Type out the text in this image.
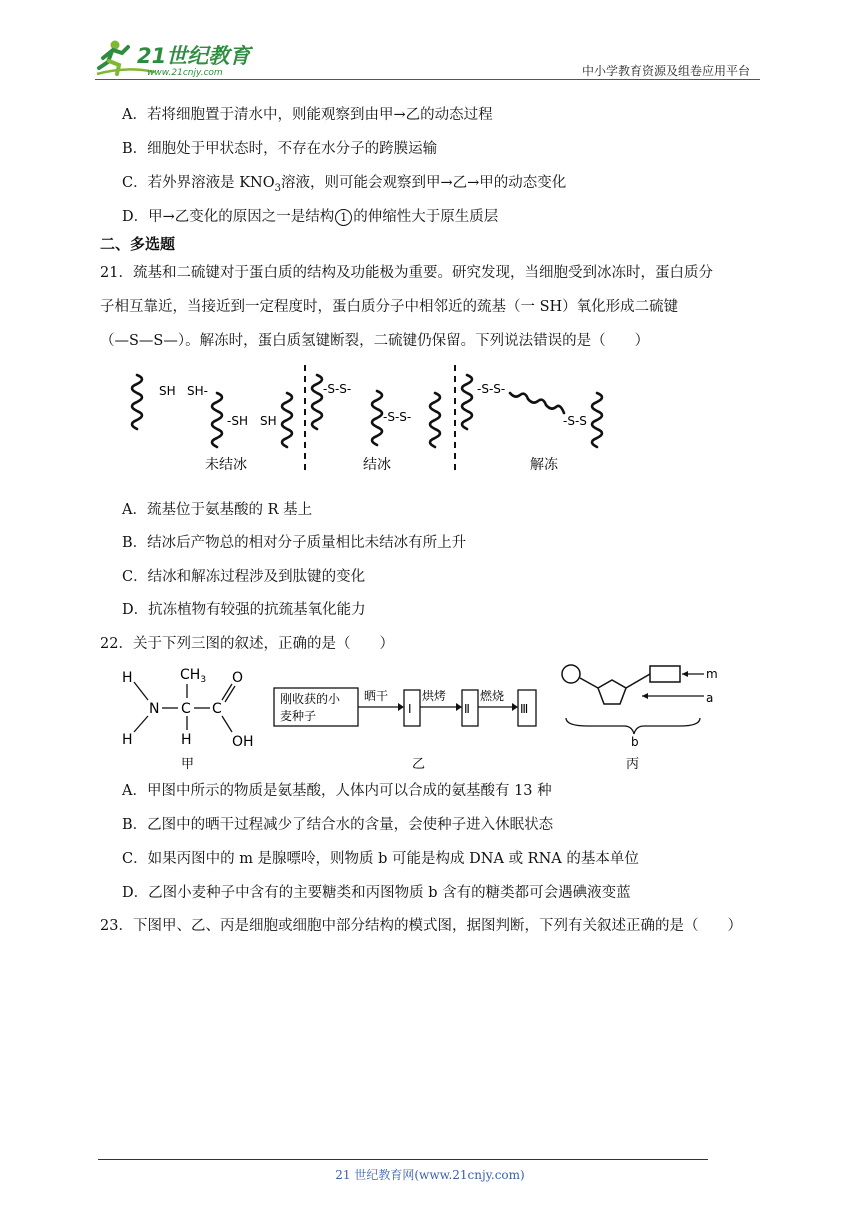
21世纪教育
www.21cnjy.com	中小学教育资源及组卷应用平台
A．若将细胞置于清水中，则能观察到由甲→乙的动态过程
B．细胞处于甲状态时，不存在水分子的跨膜运输
C．若外界溶液是 $KNO_3$溶液，则可能会观察到甲→乙→甲的动态变化
D．甲→乙变化的原因之一是结构 1 的伸缩性大于原生质层
二、多选题
21．巯基和二硫键对于蛋白质的结构及功能极为重要。研究发现，当细胞受到冰冻时，蛋白质分
子相互靠近，当接近到一定程度时，蛋白质分子中相邻近的巯基（一 SH）氧化形成二硫键
（—S—S—）。解冻时，蛋白质氢键断裂，二硫键仍保留。下列说法错误的是（　　）
SH SH-
-SH SH
-S-S-
-S-S-
-S-S-
-S-S
未结冰	结冰	解冻
A．巯基位于氨基酸的 R 基上
B．结冰后产物总的相对分子质量相比未结冰有所上升
C．结冰和解冻过程涉及到肽键的变化
D．抗冻植物有较强的抗巯基氧化能力
22．关于下列三图的叙述，正确的是（　　）
H
H
N C
$CH_3$
H
C
O
OH
甲
刚收获的小
麦种子
晒干
Ⅰ
烘烤
Ⅱ
燃烧
Ⅲ
乙
m
a
b
丙
A．甲图中所示的物质是氨基酸，人体内可以合成的氨基酸有 13 种
B．乙图中的晒干过程减少了结合水的含量，会使种子进入休眠状态
C．如果丙图中的 m 是腺嘌呤，则物质 b 可能是构成 DNA 或 RNA 的基本单位
D．乙图小麦种子中含有的主要糖类和丙图物质 b 含有的糖类都可会遇碘液变蓝
23．下图甲、乙、丙是细胞或细胞中部分结构的模式图，据图判断，下列有关叙述正确的是（　　）
21 世纪教育网(www.21cnjy.com)
